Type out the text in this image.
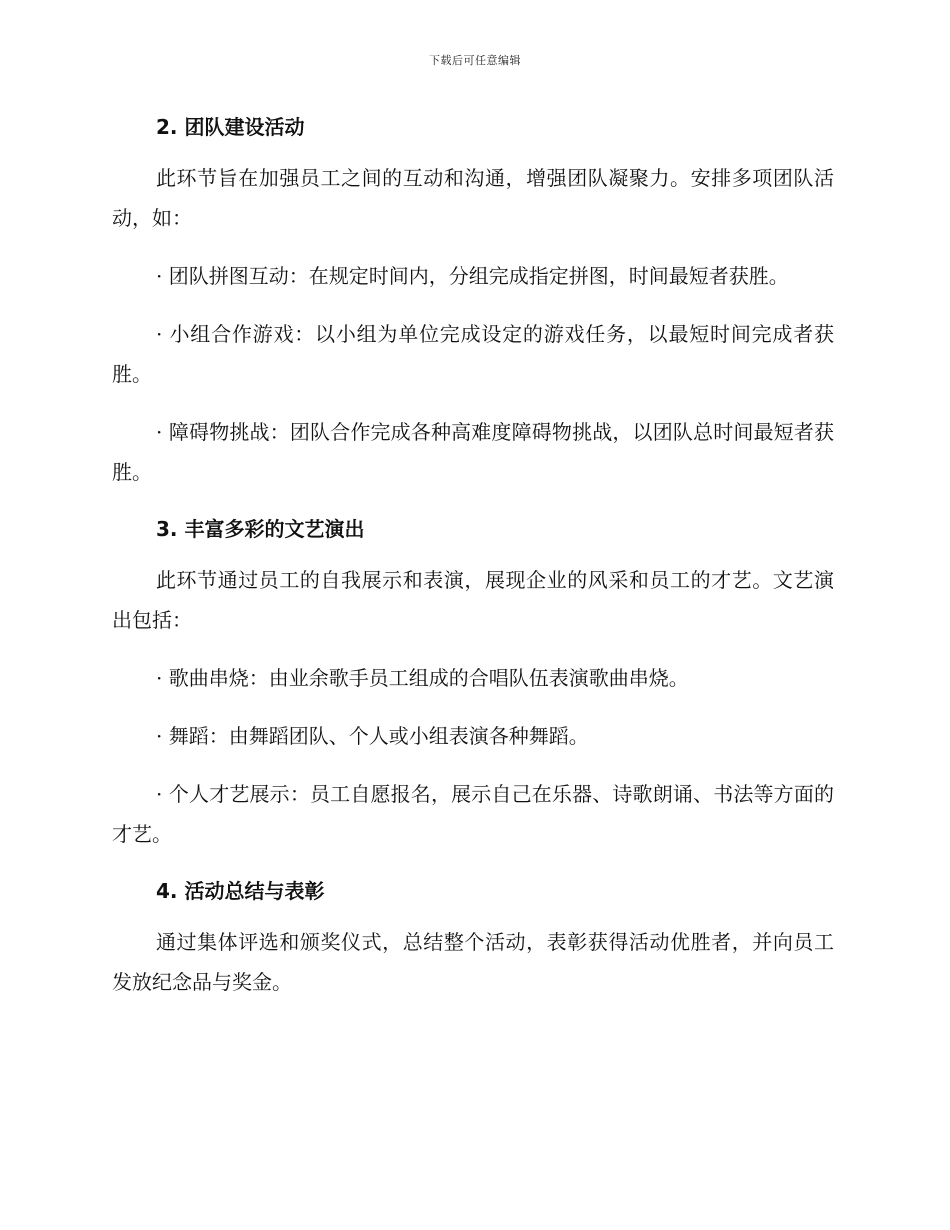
下载后可任意编辑
2. 团队建设活动

此环节旨在加强员工之间的互动和沟通，增强团队凝聚力。安排多项团队活动，如：

· 团队拼图互动：在规定时间内，分组完成指定拼图，时间最短者获胜。

· 小组合作游戏：以小组为单位完成设定的游戏任务，以最短时间完成者获胜。

· 障碍物挑战：团队合作完成各种高难度障碍物挑战，以团队总时间最短者获胜。

3. 丰富多彩的文艺演出

此环节通过员工的自我展示和表演，展现企业的风采和员工的才艺。文艺演出包括：

· 歌曲串烧：由业余歌手员工组成的合唱队伍表演歌曲串烧。

· 舞蹈：由舞蹈团队、个人或小组表演各种舞蹈。

· 个人才艺展示：员工自愿报名，展示自己在乐器、诗歌朗诵、书法等方面的才艺。

4. 活动总结与表彰

通过集体评选和颁奖仪式，总结整个活动，表彰获得活动优胜者，并向员工发放纪念品与奖金。
